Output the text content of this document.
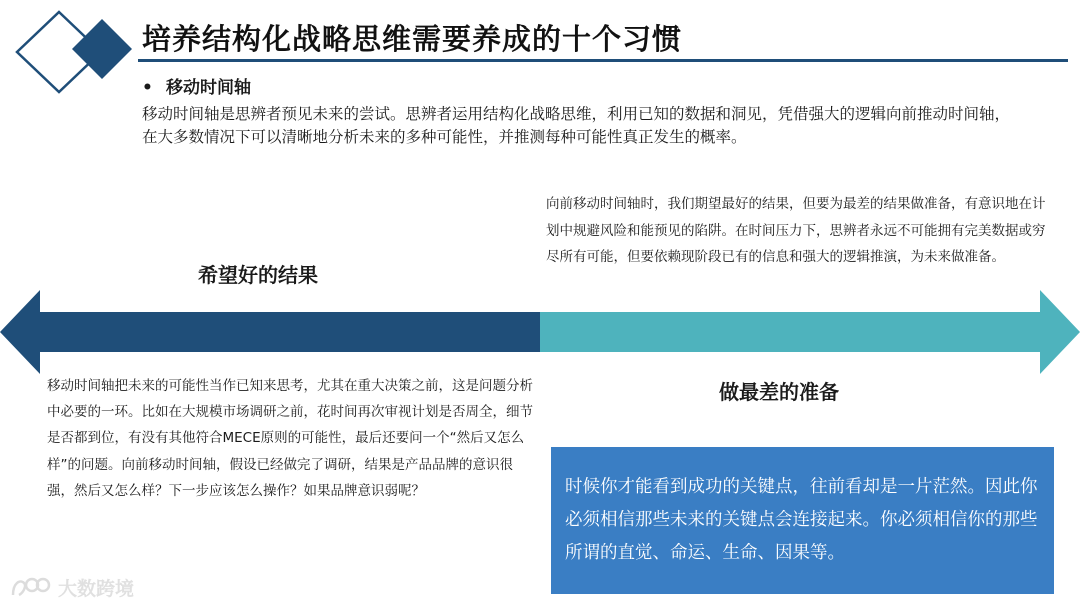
培养结构化战略思维需要养成的十个习惯
• 移动时间轴
移动时间轴是思辨者预见未来的尝试。思辨者运用结构化战略思维，利用已知的数据和洞见，凭借强大的逻辑向前推动时间轴，在大多数情况下可以清晰地分析未来的多种可能性，并推测每种可能性真正发生的概率。
向前移动时间轴时，我们期望最好的结果，但要为最差的结果做准备，有意识地在计划中规避风险和能预见的陷阱。在时间压力下，思辨者永远不可能拥有完美数据或穷尽所有可能，但要依赖现阶段已有的信息和强大的逻辑推演，为未来做准备。
希望好的结果
做最差的准备
移动时间轴把未来的可能性当作已知来思考，尤其在重大决策之前，这是问题分析中必要的一环。比如在大规模市场调研之前，花时间再次审视计划是否周全，细节是否都到位，有没有其他符合MECE原则的可能性，最后还要问一个“然后又怎么样”的问题。向前移动时间轴，假设已经做完了调研，结果是产品品牌的意识很强，然后又怎么样？下一步应该怎么操作？如果品牌意识弱呢？	时候你才能看到成功的关键点，往前看却是一片茫然。因此你必须相信那些未来的关键点会连接起来。你必须相信你的那些所谓的直觉、命运、生命、因果等。
大数跨境
